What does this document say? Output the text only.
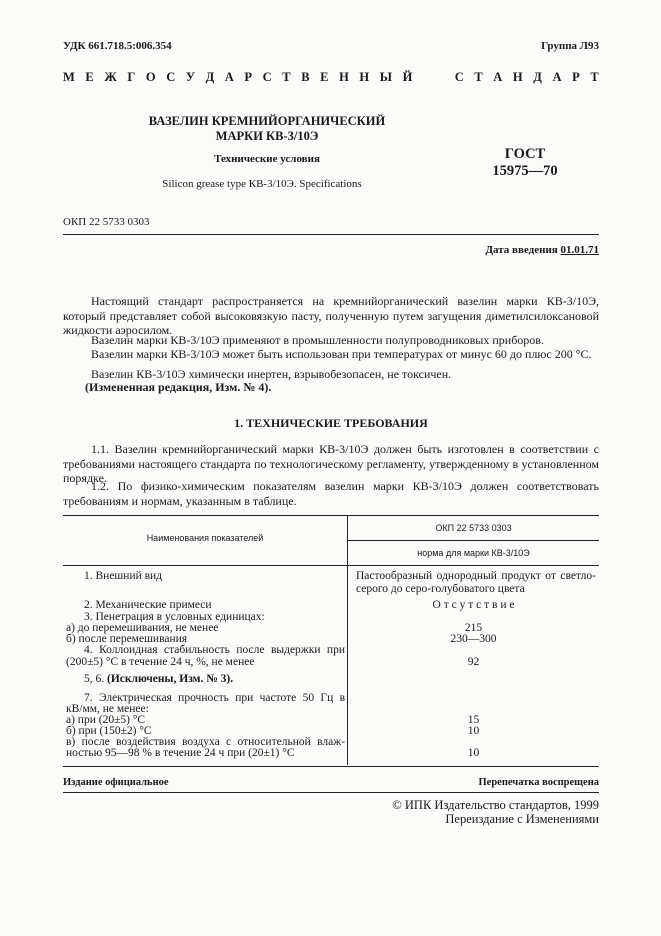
УДК 661.718.5:006.354	Группа Л93
М Е Ж Г О С У Д А Р С Т В Е Н Н Ы Й	С Т А Н Д А Р Т
ВАЗЕЛИН КРЕМНИЙОРГАНИЧЕСКИЙ
МАРКИ КВ-3/10Э
Технические условия
Silicon grease type КВ-3/10Э. Specifications
ГОСТ
15975—70
ОКП 22 5733 0303
Дата введения 01.01.71
Настоящий стандарт распространяется на кремнийорганический вазелин марки КВ-3/10Э, который представляет собой высоковязкую пасту, полученную путем загущения диметилсилоксановой жидкости аэросилом.
Вазелин марки КВ-3/10Э применяют в промышленности полупроводниковых приборов.
Вазелин марки КВ-3/10Э может быть использован при температурах от минус 60 до плюс 200 °С.
Вазелин КВ-3/10Э химически инертен, взрывобезопасен, не токсичен.
(Измененная редакция, Изм. № 4).
1. ТЕХНИЧЕСКИЕ ТРЕБОВАНИЯ
1.1. Вазелин кремнийорганический марки КВ-3/10Э должен быть изготовлен в соответствии с требованиями настоящего стандарта по технологическому регламенту, утвержденному в установленном порядке.
1.2. По физико-химическим показателям вазелин марки КВ-3/10Э должен соответствовать требованиям и нормам, указанным в таблице.
Наименования показателей
ОКП 22 5733 0303
норма для марки КВ-3/10Э
1. Внешний вид	Пастообразный однородный продукт от светло-серого до серо-голубоватого цвета
2. Механические примеси	О т с у т с т в и е
3. Пенетрация в условных единицах:
а) до перемешивания, не менее	215
б) после перемешивания	230—300
4. Коллоидная стабильность после выдержки при
(200±5) °С в течение 24 ч, %, не менее	92
5, 6. (Исключены, Изм. № 3).
7. Электрическая прочность при частоте 50 Гц в
кВ/мм, не менее:
а) при (20±5) °С	15
б) при (150±2) °С	10
в) после воздействия воздуха с относительной влаж-
ностью 95—98 % в течение 24 ч при (20±1) °С	10
Издание официальное	Перепечатка воспрещена
© ИПК Издательство стандартов, 1999
Переиздание с Изменениями
